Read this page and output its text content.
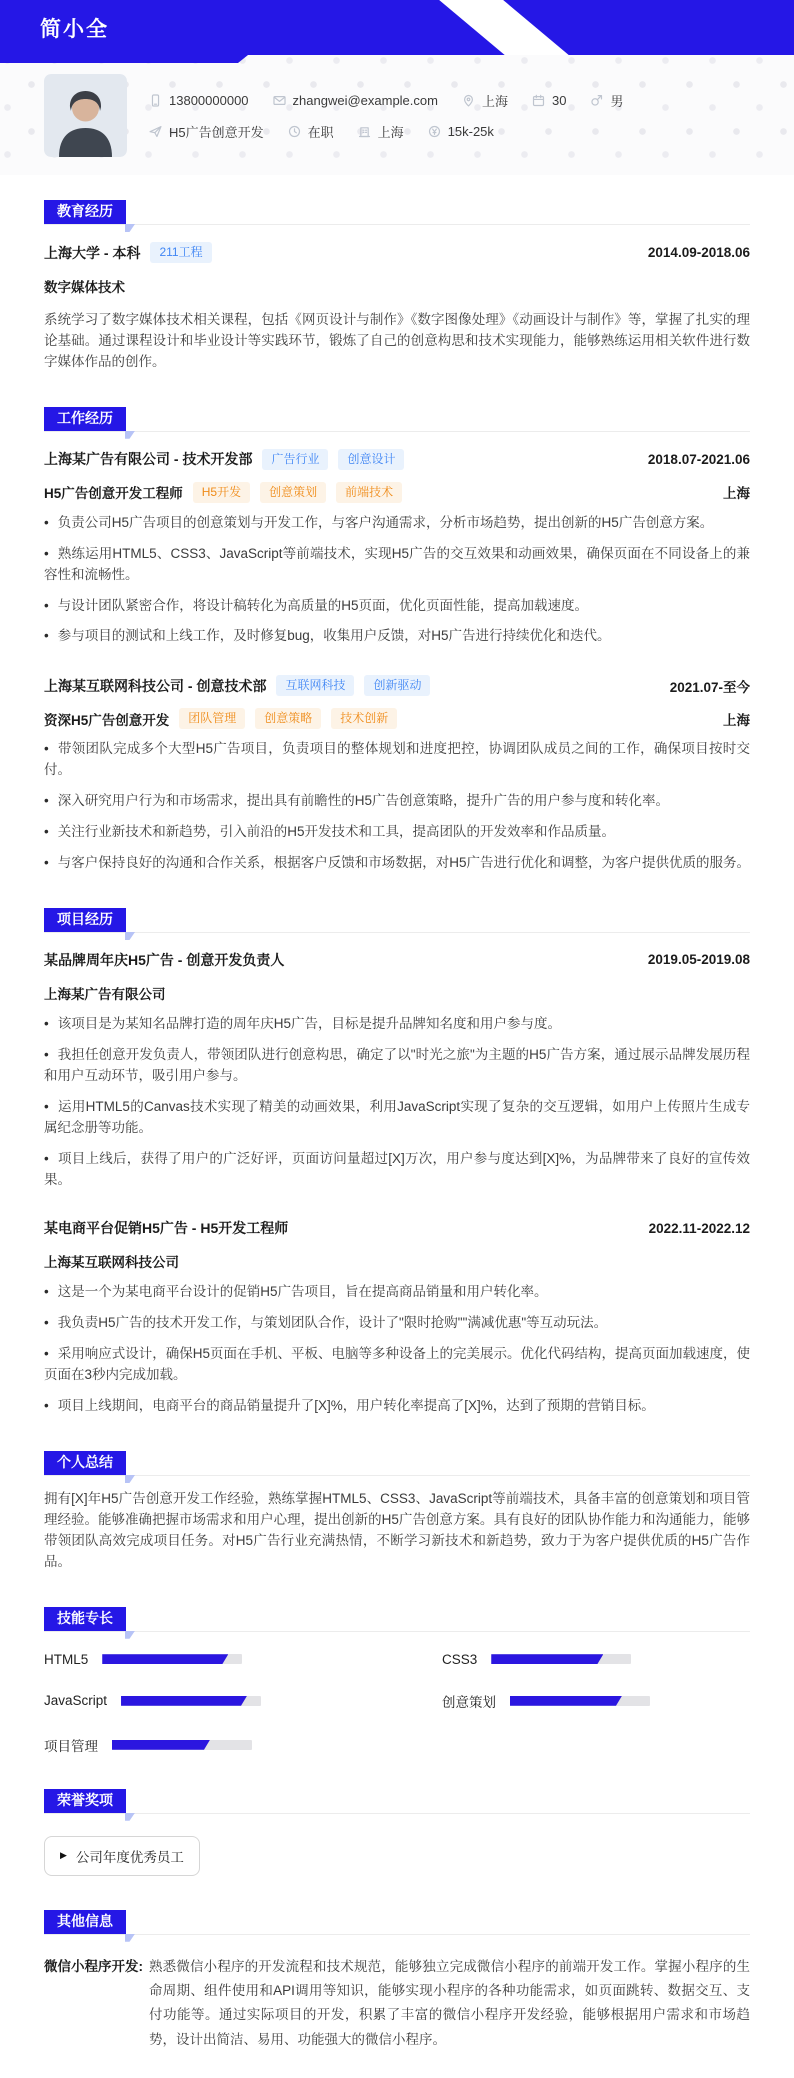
简小全
13800000000	zhangwei@example.com	上海	30	男
H5广告创意开发	在职	上海	15k-25k
教育经历
上海大学 - 本科	211工程	2014.09-2018.06
数字媒体技术

系统学习了数字媒体技术相关课程，包括《网页设计与制作》《数字图像处理》《动画设计与制作》等，掌握了扎实的理论基础。通过课程设计和毕业设计等实践环节，锻炼了自己的创意构思和技术实现能力，能够熟练运用相关软件进行数字媒体作品的创作。

工作经历
上海某广告有限公司 - 技术开发部	广告行业	创意设计	2018.07-2021.06
H5广告创意开发工程师	H5开发	创意策划	前端技术	上海

• 负责公司H5广告项目的创意策划与开发工作，与客户沟通需求，分析市场趋势，提出创新的H5广告创意方案。

• 熟练运用HTML5、CSS3、JavaScript等前端技术，实现H5广告的交互效果和动画效果，确保页面在不同设备上的兼容性和流畅性。

• 与设计团队紧密合作，将设计稿转化为高质量的H5页面，优化页面性能，提高加载速度。

• 参与项目的测试和上线工作，及时修复bug，收集用户反馈，对H5广告进行持续优化和迭代。

上海某互联网科技公司 - 创意技术部	互联网科技	创新驱动	2021.07-至今
资深H5广告创意开发	团队管理	创意策略	技术创新	上海

• 带领团队完成多个大型H5广告项目，负责项目的整体规划和进度把控，协调团队成员之间的工作，确保项目按时交付。

• 深入研究用户行为和市场需求，提出具有前瞻性的H5广告创意策略，提升广告的用户参与度和转化率。

• 关注行业新技术和新趋势，引入前沿的H5开发技术和工具，提高团队的开发效率和作品质量。

• 与客户保持良好的沟通和合作关系，根据客户反馈和市场数据，对H5广告进行优化和调整，为客户提供优质的服务。

项目经历
某品牌周年庆H5广告 - 创意开发负责人	2019.05-2019.08
上海某广告有限公司

• 该项目是为某知名品牌打造的周年庆H5广告，目标是提升品牌知名度和用户参与度。

• 我担任创意开发负责人，带领团队进行创意构思，确定了以"时光之旅"为主题的H5广告方案，通过展示品牌发展历程和用户互动环节，吸引用户参与。

• 运用HTML5的Canvas技术实现了精美的动画效果，利用JavaScript实现了复杂的交互逻辑，如用户上传照片生成专属纪念册等功能。

• 项目上线后，获得了用户的广泛好评，页面访问量超过[X]万次，用户参与度达到[X]%，为品牌带来了良好的宣传效果。

某电商平台促销H5广告 - H5开发工程师	2022.11-2022.12
上海某互联网科技公司

• 这是一个为某电商平台设计的促销H5广告项目，旨在提高商品销量和用户转化率。

• 我负责H5广告的技术开发工作，与策划团队合作，设计了"限时抢购""满减优惠"等互动玩法。

• 采用响应式设计，确保H5页面在手机、平板、电脑等多种设备上的完美展示。优化代码结构，提高页面加载速度，使页面在3秒内完成加载。

• 项目上线期间，电商平台的商品销量提升了[X]%，用户转化率提高了[X]%，达到了预期的营销目标。

个人总结

拥有[X]年H5广告创意开发工作经验，熟练掌握HTML5、CSS3、JavaScript等前端技术，具备丰富的创意策划和项目管理经验。能够准确把握市场需求和用户心理，提出创新的H5广告创意方案。具有良好的团队协作能力和沟通能力，能够带领团队高效完成项目任务。对H5广告行业充满热情，不断学习新技术和新趋势，致力于为客户提供优质的H5广告作品。

技能专长
HTML5	CSS3
JavaScript	创意策划
项目管理
荣誉奖项
▶ 公司年度优秀员工
其他信息
微信小程序开发: 熟悉微信小程序的开发流程和技术规范，能够独立完成微信小程序的前端开发工作。掌握小程序的生命周期、组件使用和API调用等知识，能够实现小程序的各种功能需求，如页面跳转、数据交互、支付功能等。通过实际项目的开发，积累了丰富的微信小程序开发经验，能够根据用户需求和市场趋势，设计出简洁、易用、功能强大的微信小程序。
